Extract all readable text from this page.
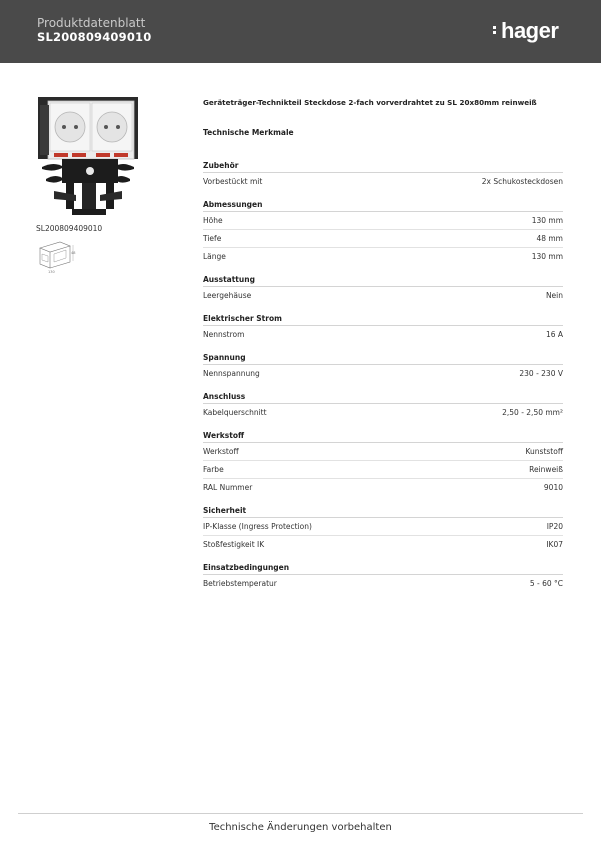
Produktdatenblatt
SL200809409010	hager
SL200809409010
130
48
Geräteträger-Technikteil Steckdose 2-fach vorverdrahtet zu SL 20x80mm reinweiß
Technische Merkmale
Zubehör
Vorbestückt mit	2x Schukosteckdosen
Abmessungen
Höhe	130 mm
Tiefe	48 mm
Länge	130 mm
Ausstattung
Leergehäuse	Nein
Elektrischer Strom
Nennstrom	16 A
Spannung
Nennspannung	230 - 230 V
Anschluss
Kabelquerschnitt	2,50 - 2,50 mm²
Werkstoff
Werkstoff	Kunststoff
Farbe	Reinweiß
RAL Nummer	9010
Sicherheit
IP-Klasse (Ingress Protection)	IP20
Stoßfestigkeit IK	IK07
Einsatzbedingungen
Betriebstemperatur	5 - 60 °C
Technische Änderungen vorbehalten
